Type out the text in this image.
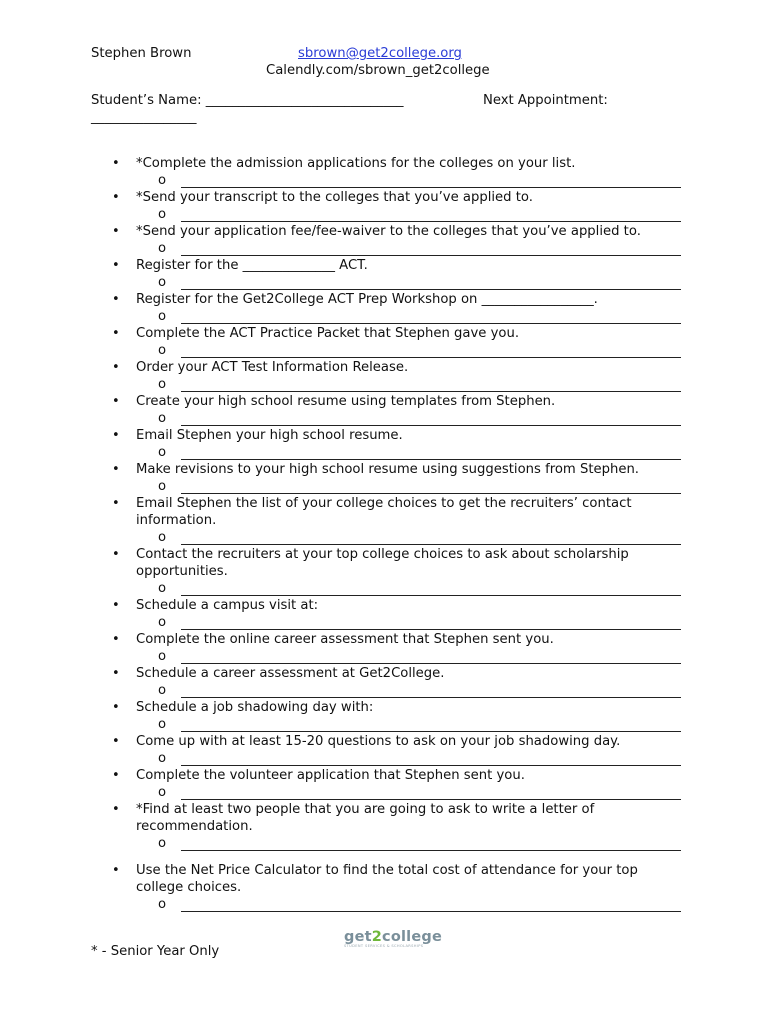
Stephen Brown	sbrown@get2college.org
Calendly.com/sbrown_get2college
Student’s Name: ______________________________	Next Appointment:
________________
• *Complete the admission applications for the colleges on your list.
o
• *Send your transcript to the colleges that you’ve applied to.
o
• *Send your application fee/fee-waiver to the colleges that you’ve applied to.
o
• Register for the ______________ ACT.
o
• Register for the Get2College ACT Prep Workshop on _________________.
o
• Complete the ACT Practice Packet that Stephen gave you.
o
• Order your ACT Test Information Release.
o
• Create your high school resume using templates from Stephen.
o
• Email Stephen your high school resume.
o
• Make revisions to your high school resume using suggestions from Stephen.
o
• Email Stephen the list of your college choices to get the recruiters’ contact information.
o
• Contact the recruiters at your top college choices to ask about scholarship opportunities.
o
• Schedule a campus visit at:
o
• Complete the online career assessment that Stephen sent you.
o
• Schedule a career assessment at Get2College.
o
• Schedule a job shadowing day with:
o
• Come up with at least 15-20 questions to ask on your job shadowing day.
o
• Complete the volunteer application that Stephen sent you.
o
• *Find at least two people that you are going to ask to write a letter of recommendation.
o
• Use the Net Price Calculator to find the total cost of attendance for your top college choices.
o
get2college
STUDENT SERVICES & SCHOLARSHIPS
* - Senior Year Only
